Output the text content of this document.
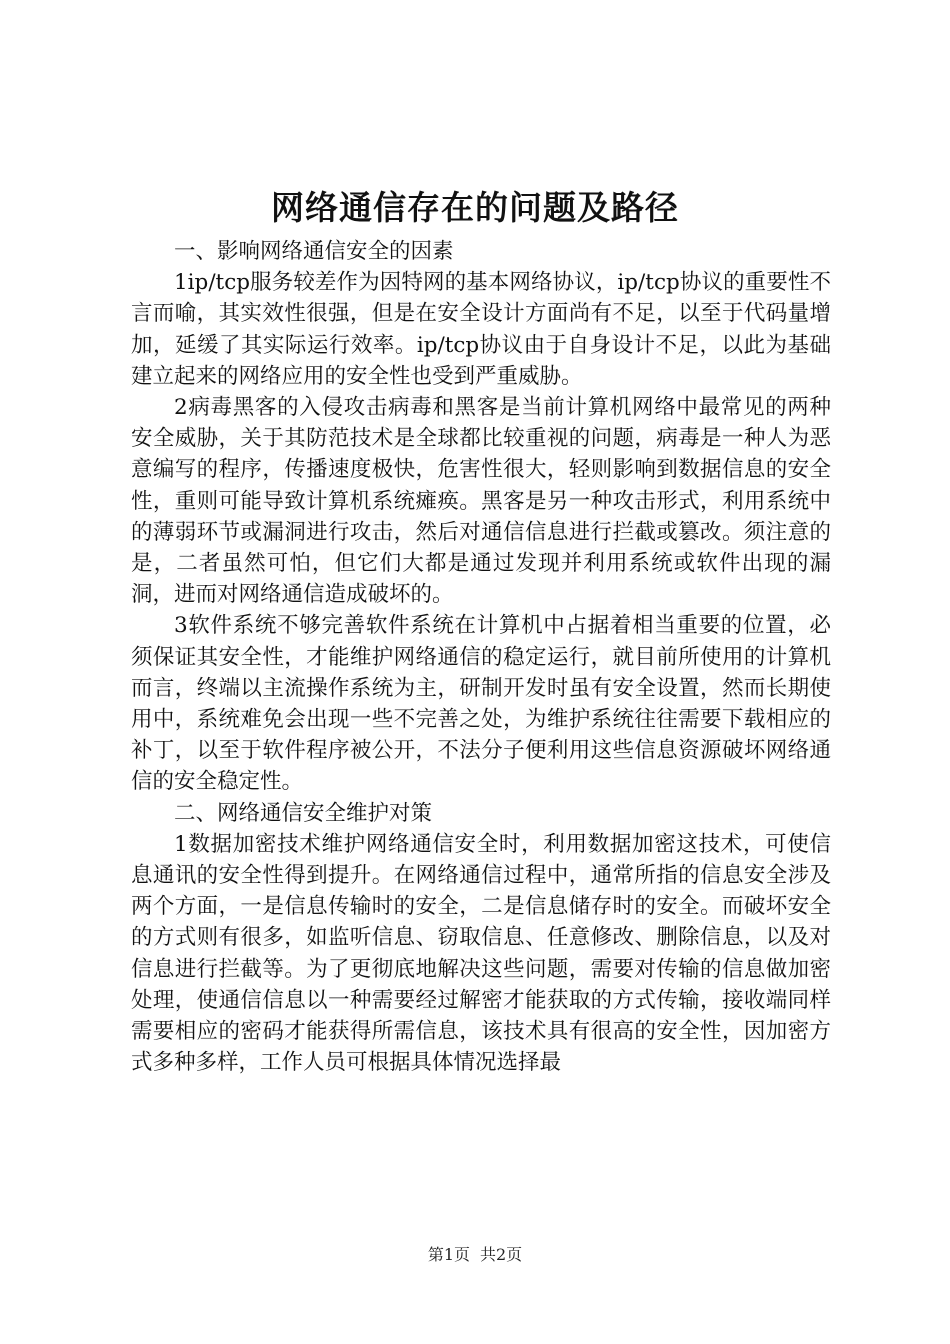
网络通信存在的问题及路径

一、影响网络通信安全的因素

1ip/tcp服务较差作为因特网的基本网络协议，ip/tcp协议的重要性不言而喻，其实效性很强，但是在安全设计方面尚有不足，以至于代码量增加，延缓了其实际运行效率。ip/tcp协议由于自身设计不足，以此为基础建立起来的网络应用的安全性也受到严重威胁。

2病毒黑客的入侵攻击病毒和黑客是当前计算机网络中最常见的两种安全威胁，关于其防范技术是全球都比较重视的问题，病毒是一种人为恶意编写的程序，传播速度极快，危害性很大，轻则影响到数据信息的安全性，重则可能导致计算机系统瘫痪。黑客是另一种攻击形式，利用系统中的薄弱环节或漏洞进行攻击，然后对通信信息进行拦截或篡改。须注意的是，二者虽然可怕，但它们大都是通过发现并利用系统或软件出现的漏洞，进而对网络通信造成破坏的。

3软件系统不够完善软件系统在计算机中占据着相当重要的位置，必须保证其安全性，才能维护网络通信的稳定运行，就目前所使用的计算机而言，终端以主流操作系统为主，研制开发时虽有安全设置，然而长期使用中，系统难免会出现一些不完善之处，为维护系统往往需要下载相应的补丁，以至于软件程序被公开，不法分子便利用这些信息资源破坏网络通信的安全稳定性。

二、网络通信安全维护对策

1数据加密技术维护网络通信安全时，利用数据加密这技术，可使信息通讯的安全性得到提升。在网络通信过程中，通常所指的信息安全涉及两个方面，一是信息传输时的安全，二是信息储存时的安全。而破坏安全的方式则有很多，如监听信息、窃取信息、任意修改、删除信息，以及对信息进行拦截等。为了更彻底地解决这些问题，需要对传输的信息做加密处理，使通信信息以一种需要经过解密才能获取的方式传输，接收端同样需要相应的密码才能获得所需信息，该技术具有很高的安全性，因加密方式多种多样，工作人员可根据具体情况选择最

第1页 共2页
